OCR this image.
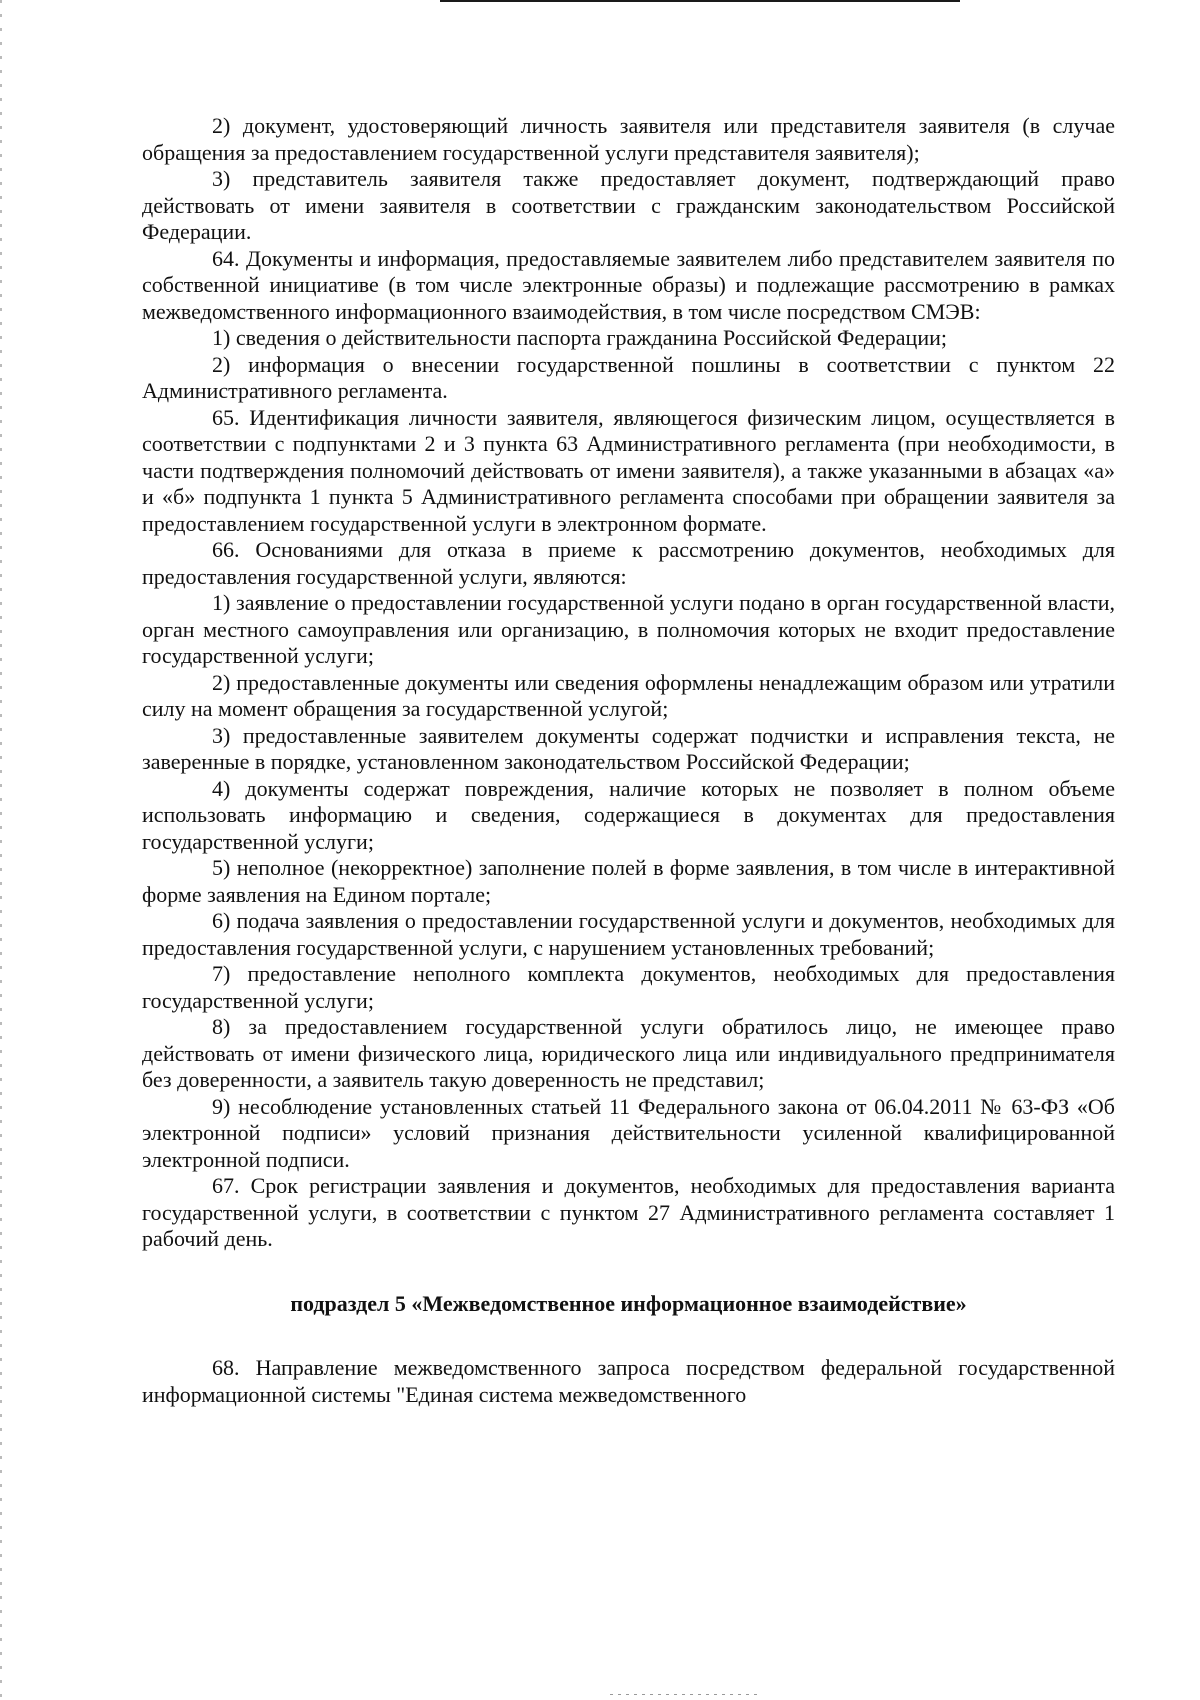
2) документ, удостоверяющий личность заявителя или представителя заявителя (в случае обращения за предоставлением государственной услуги представителя заявителя);

3) представитель заявителя также предоставляет документ, подтверждающий право действовать от имени заявителя в соответствии с гражданским законодательством Российской Федерации.

64. Документы и информация, предоставляемые заявителем либо представителем заявителя по собственной инициативе (в том числе электронные образы) и подлежащие рассмотрению в рамках межведомственного информационного взаимодействия, в том числе посредством СМЭВ:

1) сведения о действительности паспорта гражданина Российской Федерации;

2) информация о внесении государственной пошлины в соответствии с пунктом 22 Административного регламента.

65. Идентификация личности заявителя, являющегося физическим лицом, осуществляется в соответствии с подпунктами 2 и 3 пункта 63 Административного регламента (при необходимости, в части подтверждения полномочий действовать от имени заявителя), а также указанными в абзацах «а» и «б» подпункта 1 пункта 5 Административного регламента способами при обращении заявителя за предоставлением государственной услуги в электронном формате.

66. Основаниями для отказа в приеме к рассмотрению документов, необходимых для предоставления государственной услуги, являются:

1) заявление о предоставлении государственной услуги подано в орган государственной власти, орган местного самоуправления или организацию, в полномочия которых не входит предоставление государственной услуги;

2) предоставленные документы или сведения оформлены ненадлежащим образом или утратили силу на момент обращения за государственной услугой;

3) предоставленные заявителем документы содержат подчистки и исправления текста, не заверенные в порядке, установленном законодательством Российской Федерации;

4) документы содержат повреждения, наличие которых не позволяет в полном объеме использовать информацию и сведения, содержащиеся в документах для предоставления государственной услуги;

5) неполное (некорректное) заполнение полей в форме заявления, в том числе в интерактивной форме заявления на Едином портале;

6) подача заявления о предоставлении государственной услуги и документов, необходимых для предоставления государственной услуги, с нарушением установленных требований;

7) предоставление неполного комплекта документов, необходимых для предоставления государственной услуги;

8) за предоставлением государственной услуги обратилось лицо, не имеющее право действовать от имени физического лица, юридического лица или индивидуального предпринимателя без доверенности, а заявитель такую доверенность не представил;

9) несоблюдение установленных статьей 11 Федерального закона от 06.04.2011 № 63-ФЗ «Об электронной подписи» условий признания действительности усиленной квалифицированной электронной подписи.

67. Срок регистрации заявления и документов, необходимых для предоставления варианта государственной услуги, в соответствии с пунктом 27 Административного регламента составляет 1 рабочий день.

подраздел 5 «Межведомственное информационное взаимодействие»

68. Направление межведомственного запроса посредством федеральной государственной информационной системы "Единая система межведомственного
